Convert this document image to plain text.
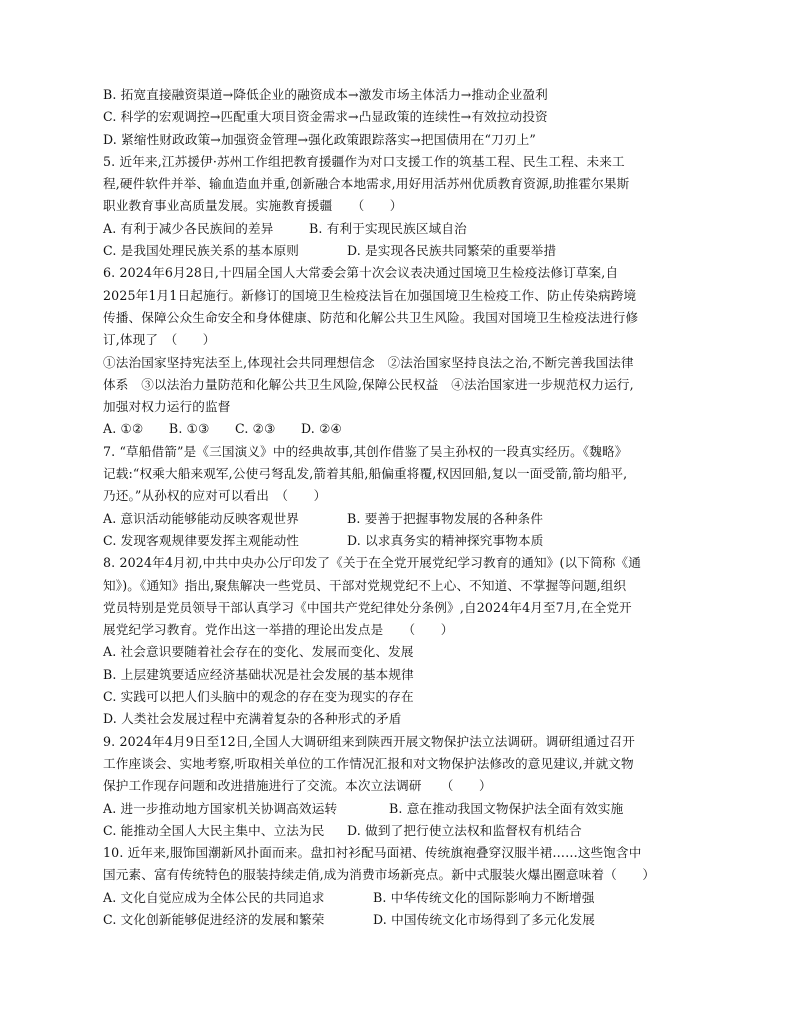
B. 拓宽直接融资渠道→降低企业的融资成本→激发市场主体活力→推动企业盈利
C. 科学的宏观调控→匹配重大项目资金需求→凸显政策的连续性→有效拉动投资
D. 紧缩性财政政策→加强资金管理→强化政策跟踪落实→把国债用在“刀刃上”
5. 近年来,江苏援伊·苏州工作组把教育援疆作为对口支援工作的筑基工程、民生工程、未来工
程,硬件软件并举、输血造血并重,创新融合本地需求,用好用活苏州优质教育资源,助推霍尔果斯
职业教育事业高质量发展。实施教育援疆　　（　　）
A. 有利于减少各民族间的差异	B. 有利于实现民族区域自治
C. 是我国处理民族关系的基本原则	D. 是实现各民族共同繁荣的重要举措
6. 2024年6月28日,十四届全国人大常委会第十次会议表决通过国境卫生检疫法修订草案,自
2025年1月1日起施行。新修订的国境卫生检疫法旨在加强国境卫生检疫工作、防止传染病跨境
传播、保障公众生命安全和身体健康、防范和化解公共卫生风险。我国对国境卫生检疫法进行修
订,体现了　（　　）
①法治国家坚持宪法至上,体现社会共同理想信念　②法治国家坚持良法之治,不断完善我国法律
体系　③以法治力量防范和化解公共卫生风险,保障公民权益　④法治国家进一步规范权力运行,
加强对权力运行的监督
A. ①②　　B. ①③　　C. ②③　　D. ②④
7. “草船借箭”是《三国演义》中的经典故事,其创作借鉴了吴主孙权的一段真实经历。《魏略》
记载:“权乘大船来观军,公使弓弩乱发,箭着其船,船偏重将覆,权因回船,复以一面受箭,箭均船平,
乃还。”从孙权的应对可以看出　（　　）
A. 意识活动能够能动反映客观世界	B. 要善于把握事物发展的各种条件
C. 发现客观规律要发挥主观能动性	D. 以求真务实的精神探究事物本质
8. 2024年4月初,中共中央办公厅印发了《关于在全党开展党纪学习教育的通知》(以下简称《通
知》)。《通知》指出,聚焦解决一些党员、干部对党规党纪不上心、不知道、不掌握等问题,组织
党员特别是党员领导干部认真学习《中国共产党纪律处分条例》,自2024年4月至7月,在全党开
展党纪学习教育。党作出这一举措的理论出发点是　　（　　）
A. 社会意识要随着社会存在的变化、发展而变化、发展
B. 上层建筑要适应经济基础状况是社会发展的基本规律
C. 实践可以把人们头脑中的观念的存在变为现实的存在
D. 人类社会发展过程中充满着复杂的各种形式的矛盾
9. 2024年4月9日至12日,全国人大调研组来到陕西开展文物保护法立法调研。调研组通过召开
工作座谈会、实地考察,听取相关单位的工作情况汇报和对文物保护法修改的意见建议,并就文物
保护工作现存问题和改进措施进行了交流。本次立法调研　　（　　）
A. 进一步推动地方国家机关协调高效运转	B. 意在推动我国文物保护法全面有效实施
C. 能推动全国人大民主集中、立法为民	D. 做到了把行使立法权和监督权有机结合
10. 近年来,服饰国潮新风扑面而来。盘扣衬衫配马面裙、传统旗袍叠穿汉服半裙……这些饱含中
国元素、富有传统特色的服装持续走俏,成为消费市场新亮点。新中式服装火爆出圈意味着（　　）
A. 文化自觉应成为全体公民的共同追求	B. 中华传统文化的国际影响力不断增强
C. 文化创新能够促进经济的发展和繁荣	D. 中国传统文化市场得到了多元化发展
